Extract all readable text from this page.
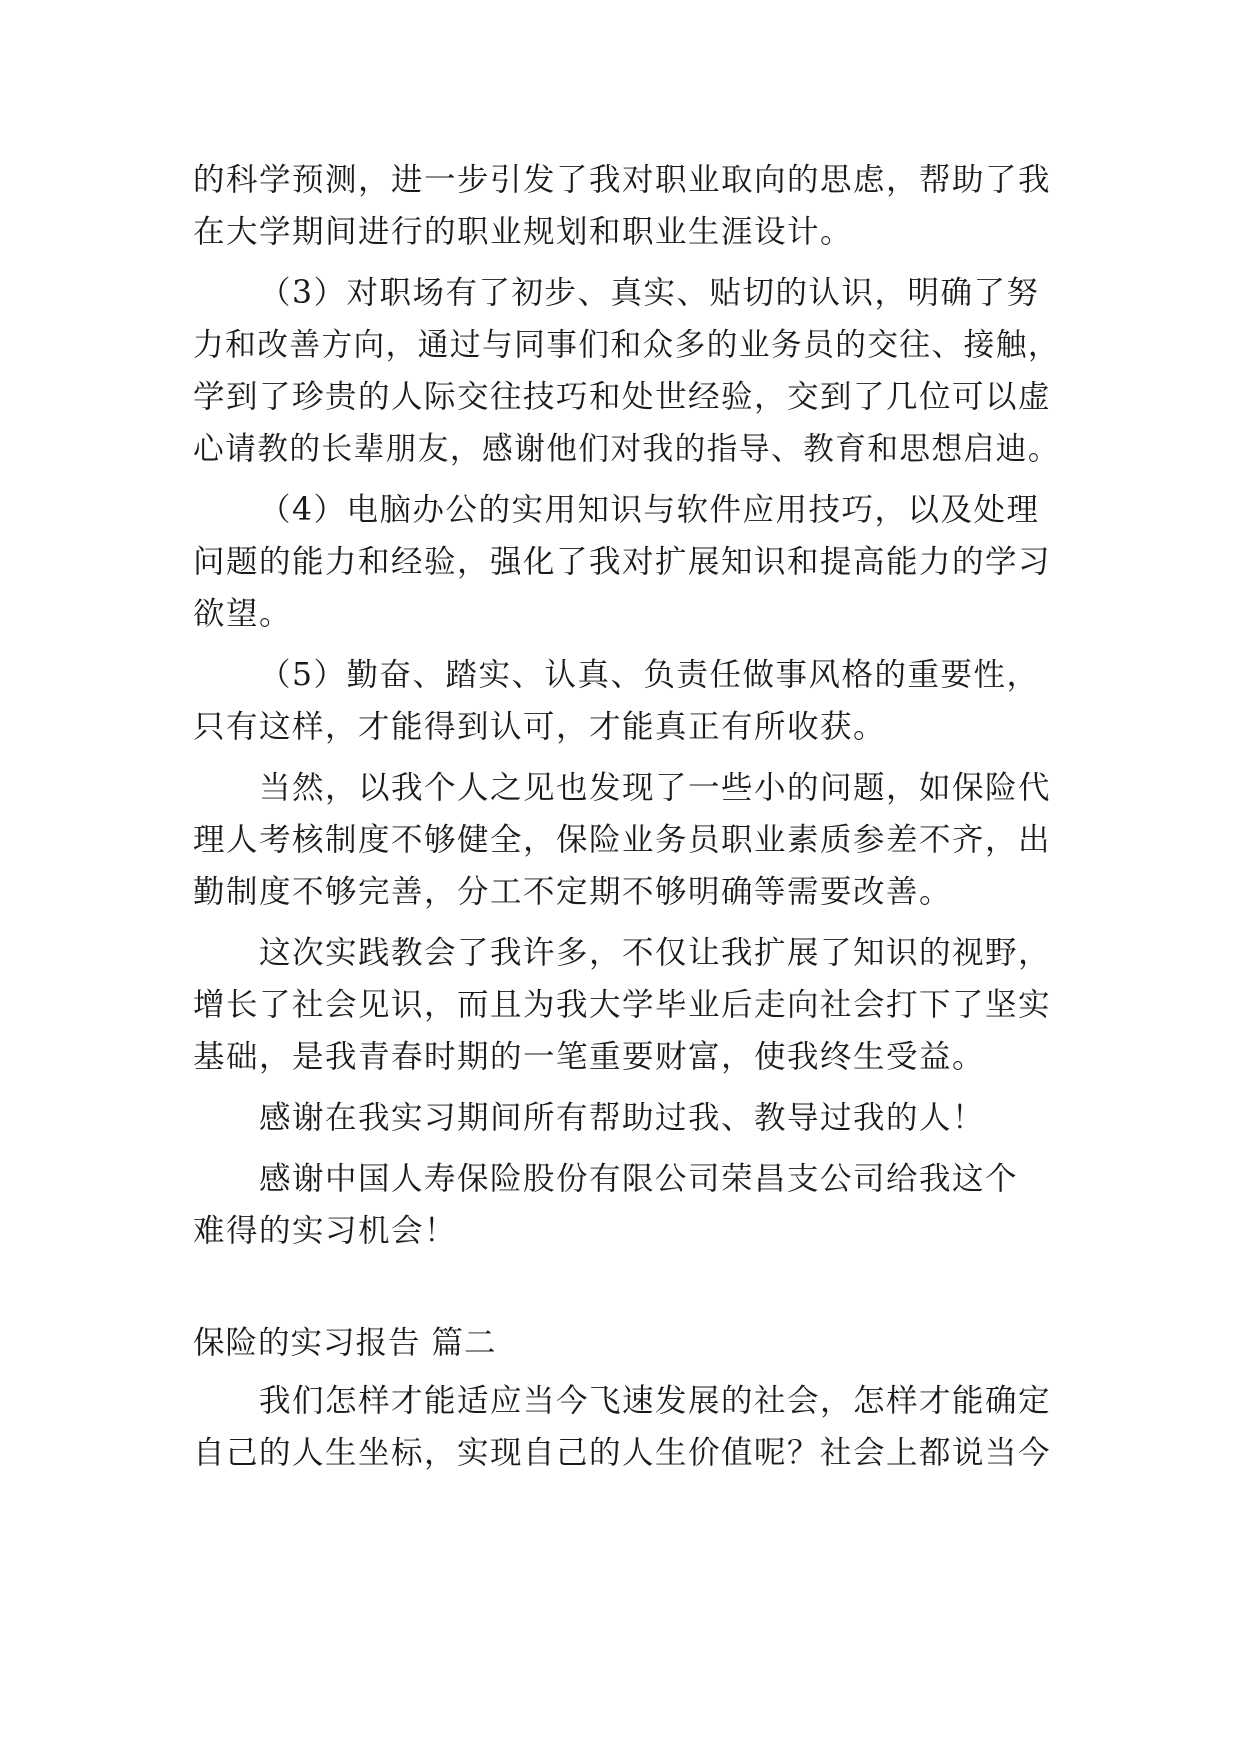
的科学预测，进一步引发了我对职业取向的思虑，帮助了我
在大学期间进行的职业规划和职业生涯设计。
（3）对职场有了初步、真实、贴切的认识，明确了努
力和改善方向，通过与同事们和众多的业务员的交往、接触，
学到了珍贵的人际交往技巧和处世经验，交到了几位可以虚
心请教的长辈朋友，感谢他们对我的指导、教育和思想启迪。
（4）电脑办公的实用知识与软件应用技巧，以及处理
问题的能力和经验，强化了我对扩展知识和提高能力的学习
欲望。
（5）勤奋、踏实、认真、负责任做事风格的重要性，
只有这样，才能得到认可，才能真正有所收获。
当然，以我个人之见也发现了一些小的问题，如保险代
理人考核制度不够健全，保险业务员职业素质参差不齐，出
勤制度不够完善，分工不定期不够明确等需要改善。
这次实践教会了我许多，不仅让我扩展了知识的视野，
增长了社会见识，而且为我大学毕业后走向社会打下了坚实
基础，是我青春时期的一笔重要财富，使我终生受益。
感谢在我实习期间所有帮助过我、教导过我的人！
感谢中国人寿保险股份有限公司荣昌支公司给我这个
难得的实习机会！
保险的实习报告 篇二
我们怎样才能适应当今飞速发展的社会，怎样才能确定
自己的人生坐标，实现自己的人生价值呢？社会上都说当今
